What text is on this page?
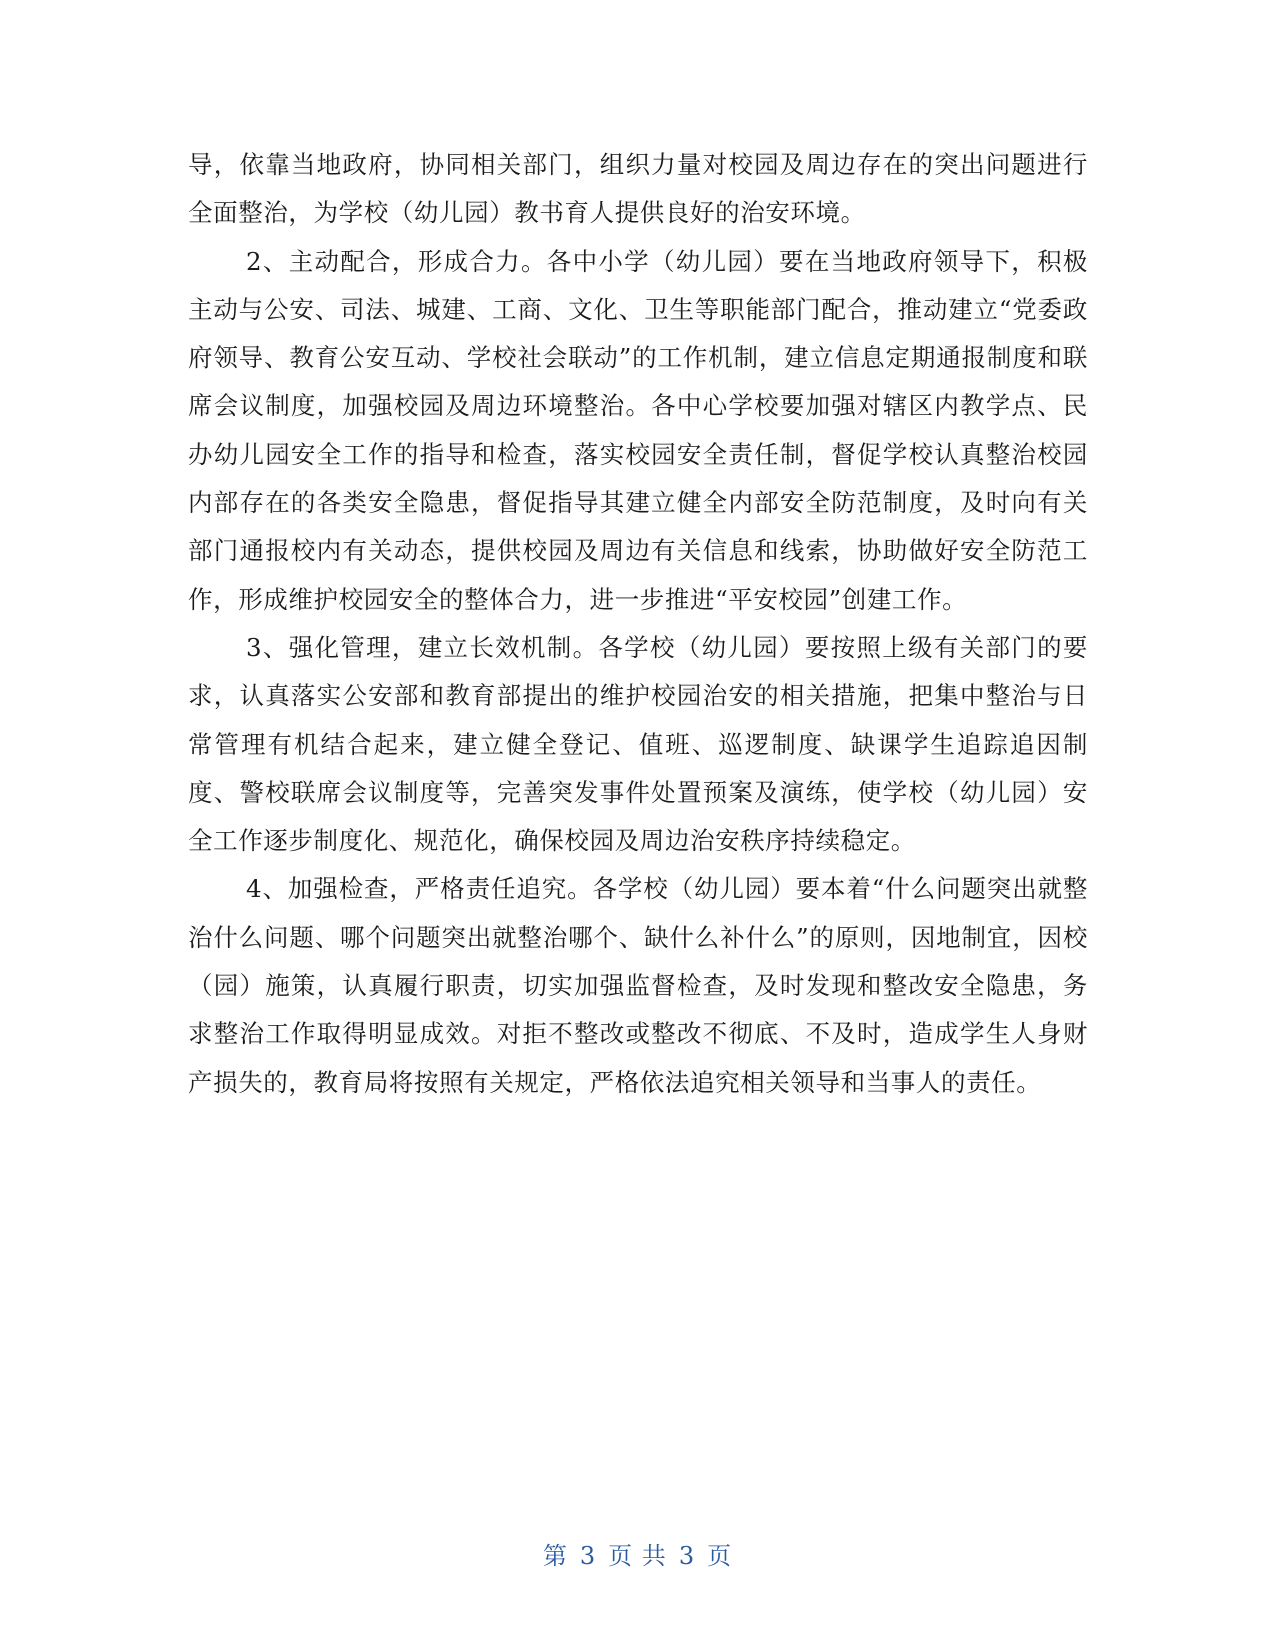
导，依靠当地政府，协同相关部门，组织力量对校园及周边存在的突出问题进行全面整治，为学校（幼儿园）教书育人提供良好的治安环境。

2、主动配合，形成合力。各中小学（幼儿园）要在当地政府领导下，积极主动与公安、司法、城建、工商、文化、卫生等职能部门配合，推动建立“党委政府领导、教育公安互动、学校社会联动”的工作机制，建立信息定期通报制度和联席会议制度，加强校园及周边环境整治。各中心学校要加强对辖区内教学点、民办幼儿园安全工作的指导和检查，落实校园安全责任制，督促学校认真整治校园内部存在的各类安全隐患，督促指导其建立健全内部安全防范制度，及时向有关部门通报校内有关动态，提供校园及周边有关信息和线索，协助做好安全防范工作，形成维护校园安全的整体合力，进一步推进“平安校园”创建工作。

3、强化管理，建立长效机制。各学校（幼儿园）要按照上级有关部门的要求，认真落实公安部和教育部提出的维护校园治安的相关措施，把集中整治与日常管理有机结合起来，建立健全登记、值班、巡逻制度、缺课学生追踪追因制度、警校联席会议制度等，完善突发事件处置预案及演练，使学校（幼儿园）安全工作逐步制度化、规范化，确保校园及周边治安秩序持续稳定。

4、加强检查，严格责任追究。各学校（幼儿园）要本着“什么问题突出就整治什么问题、哪个问题突出就整治哪个、缺什么补什么”的原则，因地制宜，因校（园）施策，认真履行职责，切实加强监督检查，及时发现和整改安全隐患，务求整治工作取得明显成效。对拒不整改或整改不彻底、不及时，造成学生人身财产损失的，教育局将按照有关规定，严格依法追究相关领导和当事人的责任。

第 3 页 共 3 页
